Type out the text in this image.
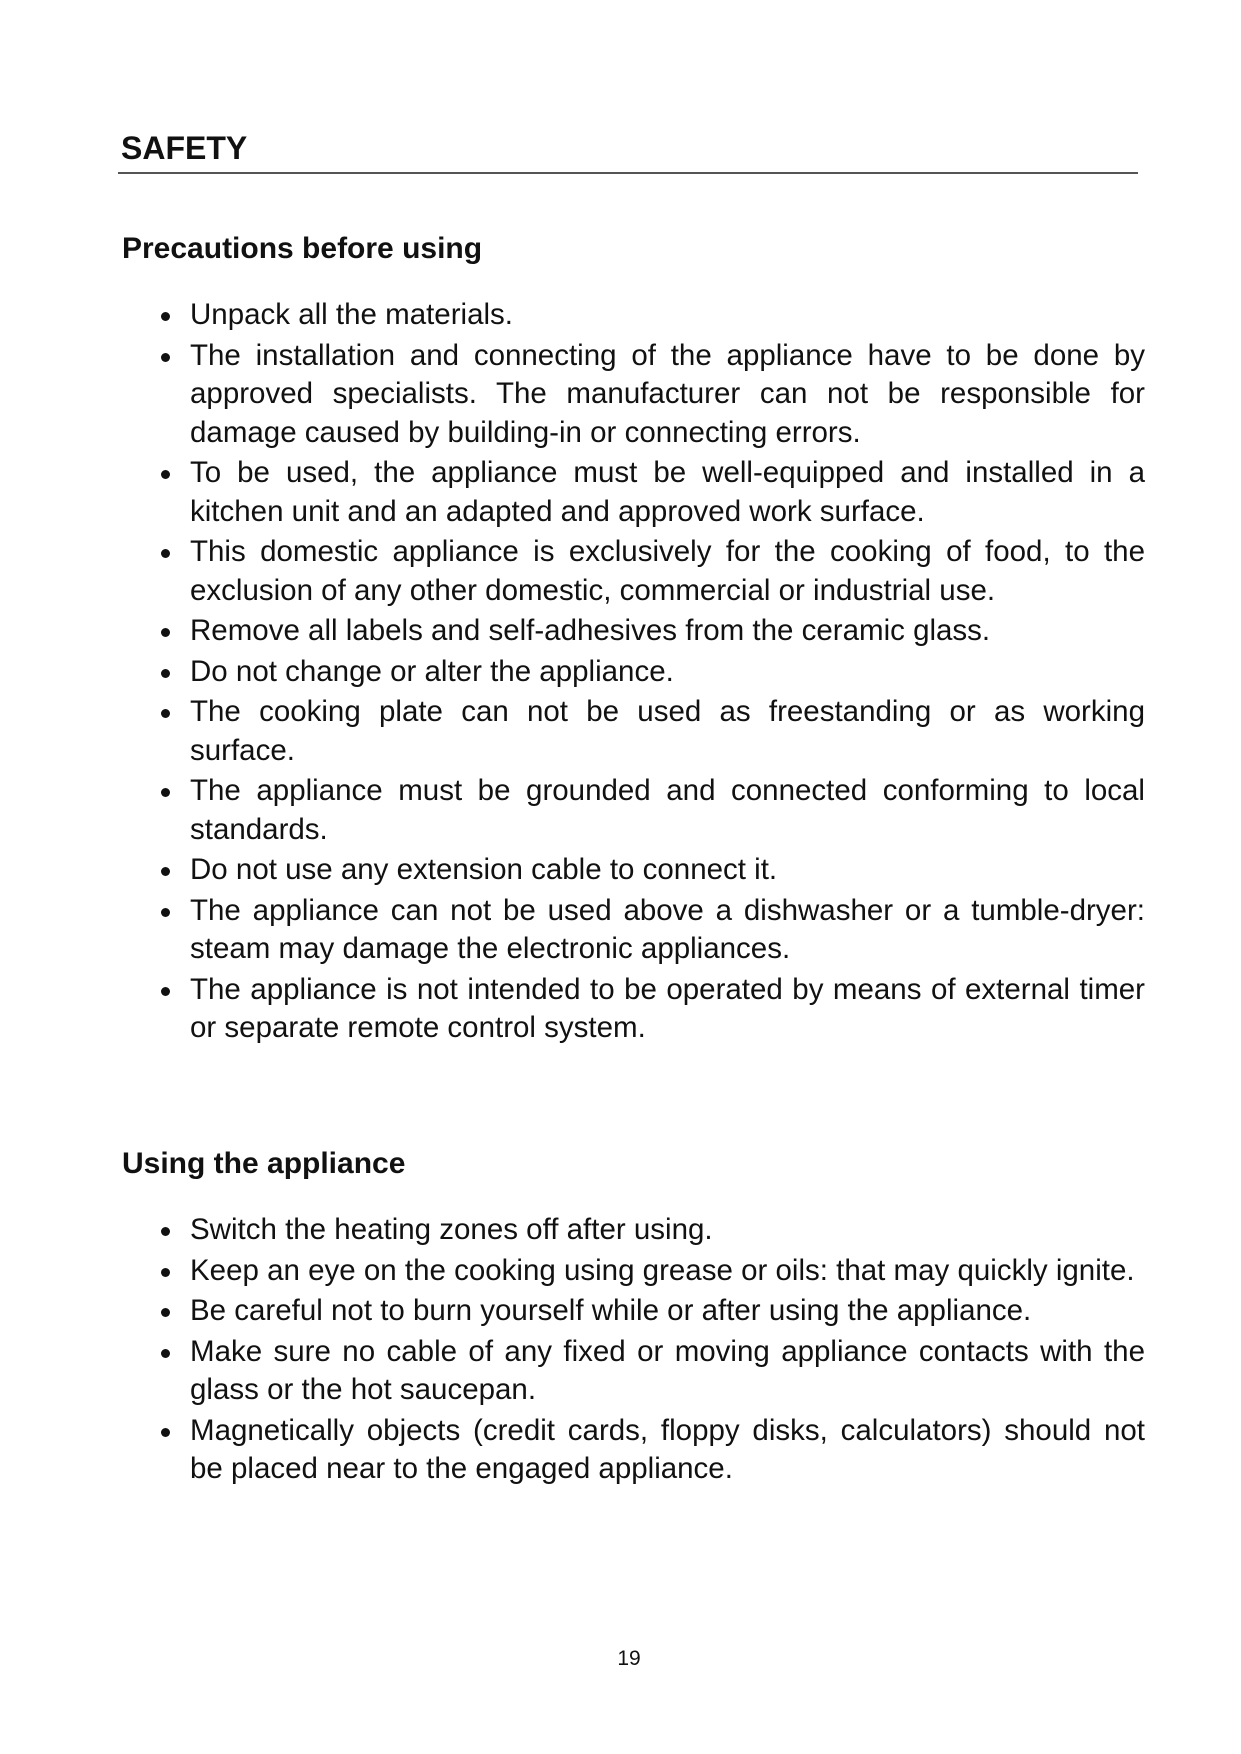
SAFETY
Precautions before using
Unpack all the materials.
The installation and connecting of the appliance have to be done by approved specialists. The manufacturer can not be responsible for damage caused by building-in or connecting errors.
To be used, the appliance must be well-equipped and installed in a kitchen unit and an adapted and approved work surface.
This domestic appliance is exclusively for the cooking of food, to the exclusion of any other domestic, commercial or industrial use.
Remove all labels and self-adhesives from the ceramic glass.
Do not change or alter the appliance.
The cooking plate can not be used as freestanding or as working surface.
The appliance must be grounded and connected conforming to local standards.
Do not use any extension cable to connect it.
The appliance can not be used above a dishwasher or a tumble-dryer: steam may damage the electronic appliances.
The appliance is not intended to be operated by means of external timer or separate remote control system.
Using the appliance
Switch the heating zones off after using.
Keep an eye on the cooking using grease or oils: that may quickly ignite.
Be careful not to burn yourself while or after using the appliance.
Make sure no cable of any fixed or moving appliance contacts with the glass or the hot saucepan.
Magnetically objects (credit cards, floppy disks, calculators) should not be placed near to the engaged appliance.
19
